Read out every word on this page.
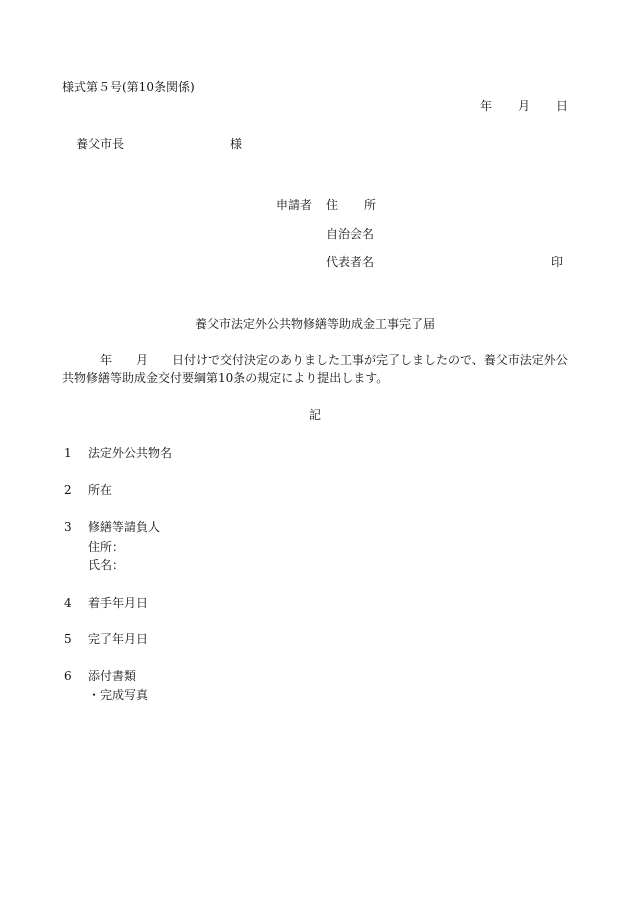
様式第５号(第10条関係)
年 月 日
養父市長	様
申請者 住 所
自治会名
代表者名	印
養父市法定外公共物修繕等助成金工事完了届
年 月 日付けで交付決定のありました工事が完了しましたので、養父市法定外公共物修繕等助成金交付要綱第10条の規定により提出します。
記
1 法定外公共物名
2 所在
3 修繕等請負人
住所：
氏名：
4 着手年月日
5 完了年月日
6 添付書類
・完成写真
